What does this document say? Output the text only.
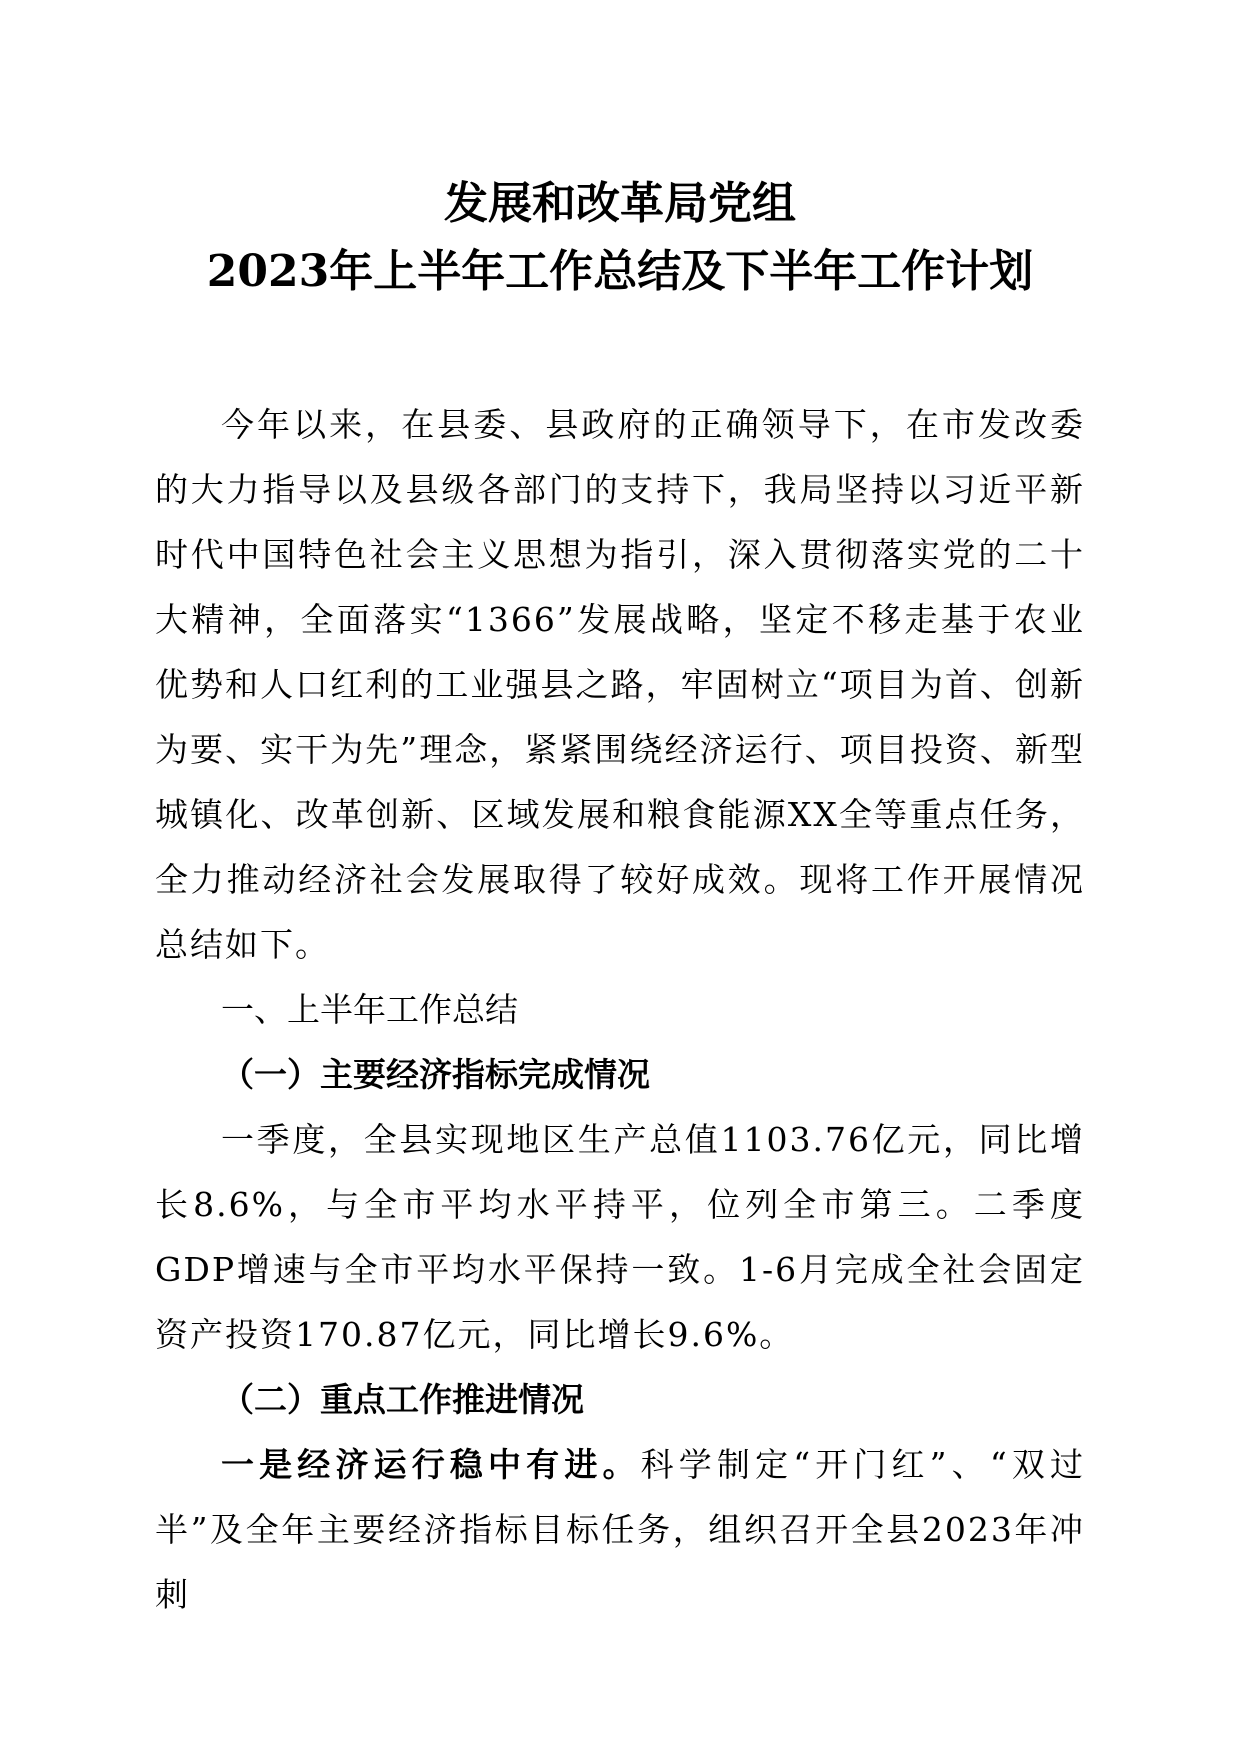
发展和改革局党组
2023年上半年工作总结及下半年工作计划

今年以来，在县委、县政府的正确领导下，在市发改委的大力指导以及县级各部门的支持下，我局坚持以习近平新时代中国特色社会主义思想为指引，深入贯彻落实党的二十大精神，全面落实“1366”发展战略，坚定不移走基于农业优势和人口红利的工业强县之路，牢固树立“项目为首、创新为要、实干为先”理念，紧紧围绕经济运行、项目投资、新型城镇化、改革创新、区域发展和粮食能源XX全等重点任务，全力推动经济社会发展取得了较好成效。现将工作开展情况总结如下。

一、上半年工作总结

（一）主要经济指标完成情况

一季度，全县实现地区生产总值1103.76亿元，同比增长8.6%，与全市平均水平持平，位列全市第三。二季度GDP增速与全市平均水平保持一致。1-6月完成全社会固定资产投资170.87亿元，同比增长9.6%。

（二）重点工作推进情况

一是经济运行稳中有进。科学制定“开门红”、“双过半”及全年主要经济指标目标任务，组织召开全县2023年冲刺
